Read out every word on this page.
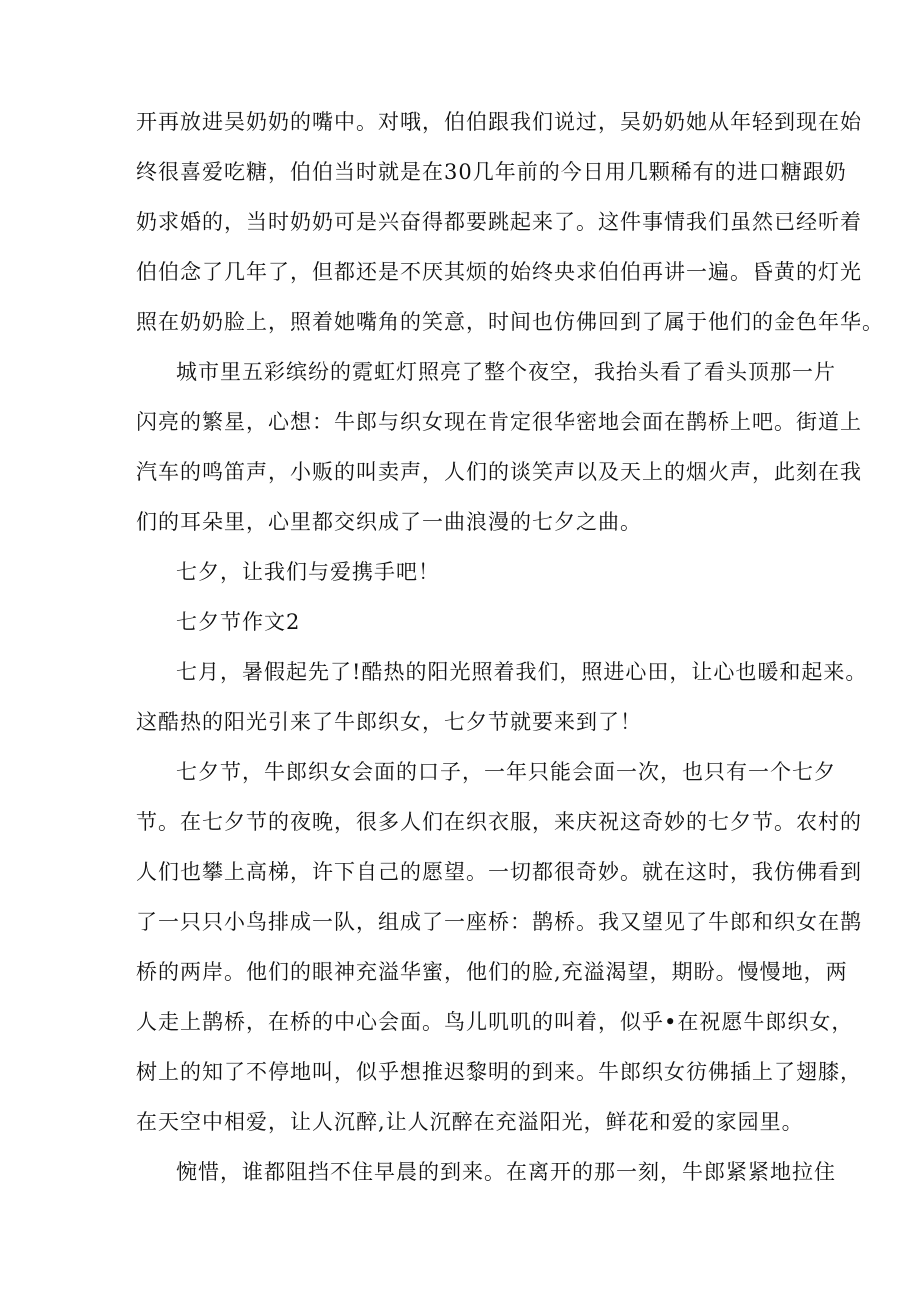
开再放进吴奶奶的嘴中。对哦，伯伯跟我们说过，吴奶奶她从年轻到现在始
终很喜爱吃糖，伯伯当时就是在30几年前的今日用几颗稀有的进口糖跟奶
奶求婚的，当时奶奶可是兴奋得都要跳起来了。这件事情我们虽然已经听着
伯伯念了几年了，但都还是不厌其烦的始终央求伯伯再讲一遍。昏黄的灯光
照在奶奶脸上，照着她嘴角的笑意，时间也仿佛回到了属于他们的金色年华。
城市里五彩缤纷的霓虹灯照亮了整个夜空，我抬头看了看头顶那一片
闪亮的繁星，心想：牛郎与织女现在肯定很华密地会面在鹊桥上吧。街道上
汽车的鸣笛声，小贩的叫卖声，人们的谈笑声以及天上的烟火声，此刻在我
们的耳朵里，心里都交织成了一曲浪漫的七夕之曲。
七夕，让我们与爱携手吧！
七夕节作文2
七月，暑假起先了!酷热的阳光照着我们，照进心田，让心也暖和起来。
这酷热的阳光引来了牛郎织女，七夕节就要来到了！
七夕节，牛郎织女会面的口子，一年只能会面一次，也只有一个七夕
节。在七夕节的夜晚，很多人们在织衣服，来庆祝这奇妙的七夕节。农村的
人们也攀上高梯，许下自己的愿望。一切都很奇妙。就在这时，我仿佛看到
了一只只小鸟排成一队，组成了一座桥：鹊桥。我又望见了牛郎和织女在鹊
桥的两岸。他们的眼神充溢华蜜，他们的脸,充溢渴望，期盼。慢慢地，两
人走上鹊桥，在桥的中心会面。鸟儿叽叽的叫着，似乎•在祝愿牛郎织女，
树上的知了不停地叫，似乎想推迟黎明的到来。牛郎织女彷佛插上了翅膝，
在天空中相爱，让人沉醉,让人沉醉在充溢阳光，鲜花和爱的家园里。
惋惜，谁都阻挡不住早晨的到来。在离开的那一刻，牛郎紧紧地拉住
